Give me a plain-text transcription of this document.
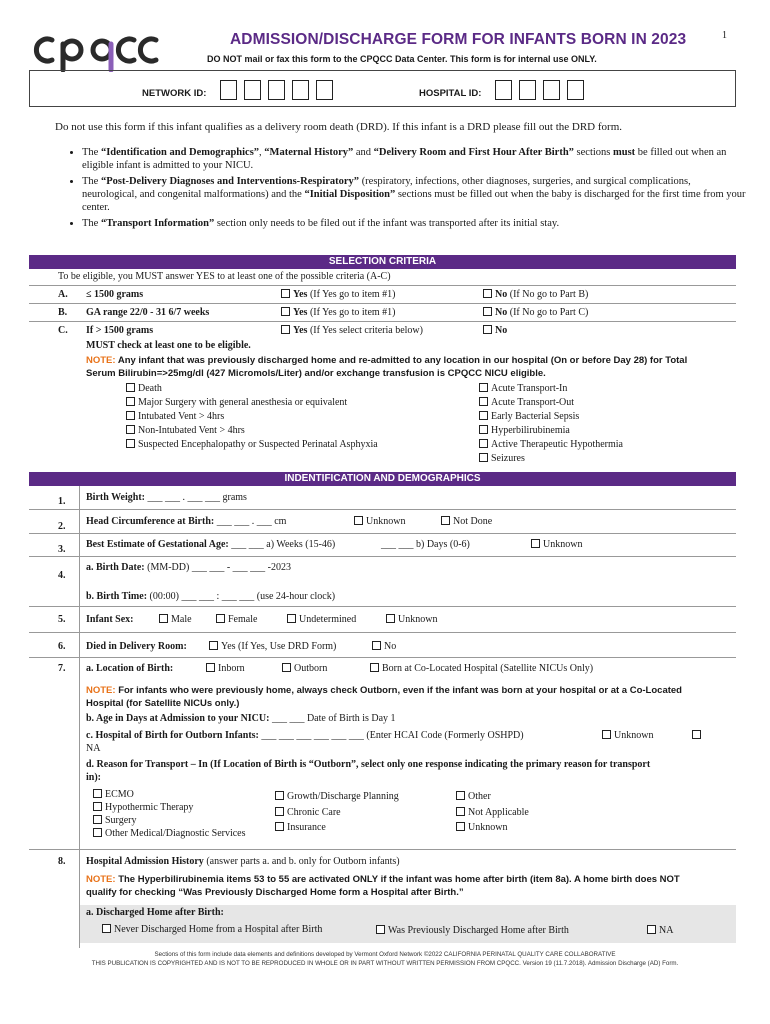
ADMISSION/DISCHARGE FORM FOR INFANTS BORN IN 2023	1
DO NOT mail or fax this form to the CPQCC Data Center. This form is for internal use ONLY.
NETWORK ID:	HOSPITAL ID:
Do not use this form if this infant qualifies as a delivery room death (DRD). If this infant is a DRD please fill out the DRD form.
• The “Identification and Demographics”, “Maternal History” and “Delivery Room and First Hour After Birth” sections must be filled out when an eligible infant is admitted to your NICU.
• The “Post-Delivery Diagnoses and Interventions-Respiratory” (respiratory, infections, other diagnoses, surgeries, and surgical complications, neurological, and congenital malformations) and the “Initial Disposition” sections must be filled out when the baby is discharged for the first time from your center.
• The “Transport Information” section only needs to be filed out if the infant was transported after its initial stay.
SELECTION CRITERIA
To be eligible, you MUST answer YES to at least one of the possible criteria (A-C)
A. ≤ 1500 grams	Yes (If Yes go to item #1)	No (If No go to Part B)
B. GA range 22/0 - 31 6/7 weeks	Yes (If Yes go to item #1)	No (If No go to Part C)
C. If > 1500 grams	Yes (If Yes select criteria below)	No
MUST check at least one to be eligible.
NOTE: Any infant that was previously discharged home and re-admitted to any location in our hospital (On or before Day 28) for Total
Serum Bilirubin=>25mg/dl (427 Micromols/Liter) and/or exchange transfusion is CPQCC NICU eligible.
Death
Major Surgery with general anesthesia or equivalent
Intubated Vent > 4hrs
Non-Intubated Vent > 4hrs
Suspected Encephalopathy or Suspected Perinatal Asphyxia
Acute Transport-In
Acute Transport-Out
Early Bacterial Sepsis
Hyperbilirubinemia
Active Therapeutic Hypothermia
Seizures
INDENTIFICATION AND DEMOGRAPHICS
1. Birth Weight: ___ ___ . ___ ___ grams
2. Head Circumference at Birth: ___ ___ . ___ cm	Unknown	Not Done
3. Best Estimate of Gestational Age: ___ ___ a) Weeks (15-46)	___ ___ b) Days (0-6)	Unknown
4.
a. Birth Date: (MM-DD) ___ ___ - ___ ___ -2023
b. Birth Time: (00:00) ___ ___ : ___ ___ (use 24-hour clock)
5. Infant Sex:	Male	Female	Undetermined	Unknown
6. Died in Delivery Room:	Yes (If Yes, Use DRD Form)	No
7. a. Location of Birth:	Inborn	Outborn	Born at Co-Located Hospital (Satellite NICUs Only)
NOTE: For infants who were previously home, always check Outborn, even if the infant was born at your hospital or at a Co-Located
Hospital (for Satellite NICUs only.)
b. Age in Days at Admission to your NICU: ___ ___ Date of Birth is Day 1
c. Hospital of Birth for Outborn Infants: ___ ___ ___ ___ ___ ___ (Enter HCAI Code (Formerly OSHPD)	Unknown
NA
d. Reason for Transport – In (If Location of Birth is “Outborn”, select only one response indicating the primary reason for transport
in):
ECMO
Hypothermic Therapy
Surgery
Other Medical/Diagnostic Services
Growth/Discharge Planning
Chronic Care
Insurance
Other
Not Applicable
Unknown
8. Hospital Admission History (answer parts a. and b. only for Outborn infants)
NOTE: The Hyperbilirubinemia items 53 to 55 are activated ONLY if the infant was home after birth (item 8a). A home birth does NOT
qualify for checking “Was Previously Discharged Home form a Hospital after Birth.”
a. Discharged Home after Birth:
Never Discharged Home from a Hospital after Birth	Was Previously Discharged Home after Birth	NA
Sections of this form include data elements and definitions developed by Vermont Oxford Network ©2022 CALIFORNIA PERINATAL QUALITY CARE COLLABORATIVE
THIS PUBLICATION IS COPYRIGHTED AND IS NOT TO BE REPRODUCED IN WHOLE OR IN PART WITHOUT WRITTEN PERMISSION FROM CPQCC. Version 19 (11.7.2018). Admission Discharge (AD) Form.
